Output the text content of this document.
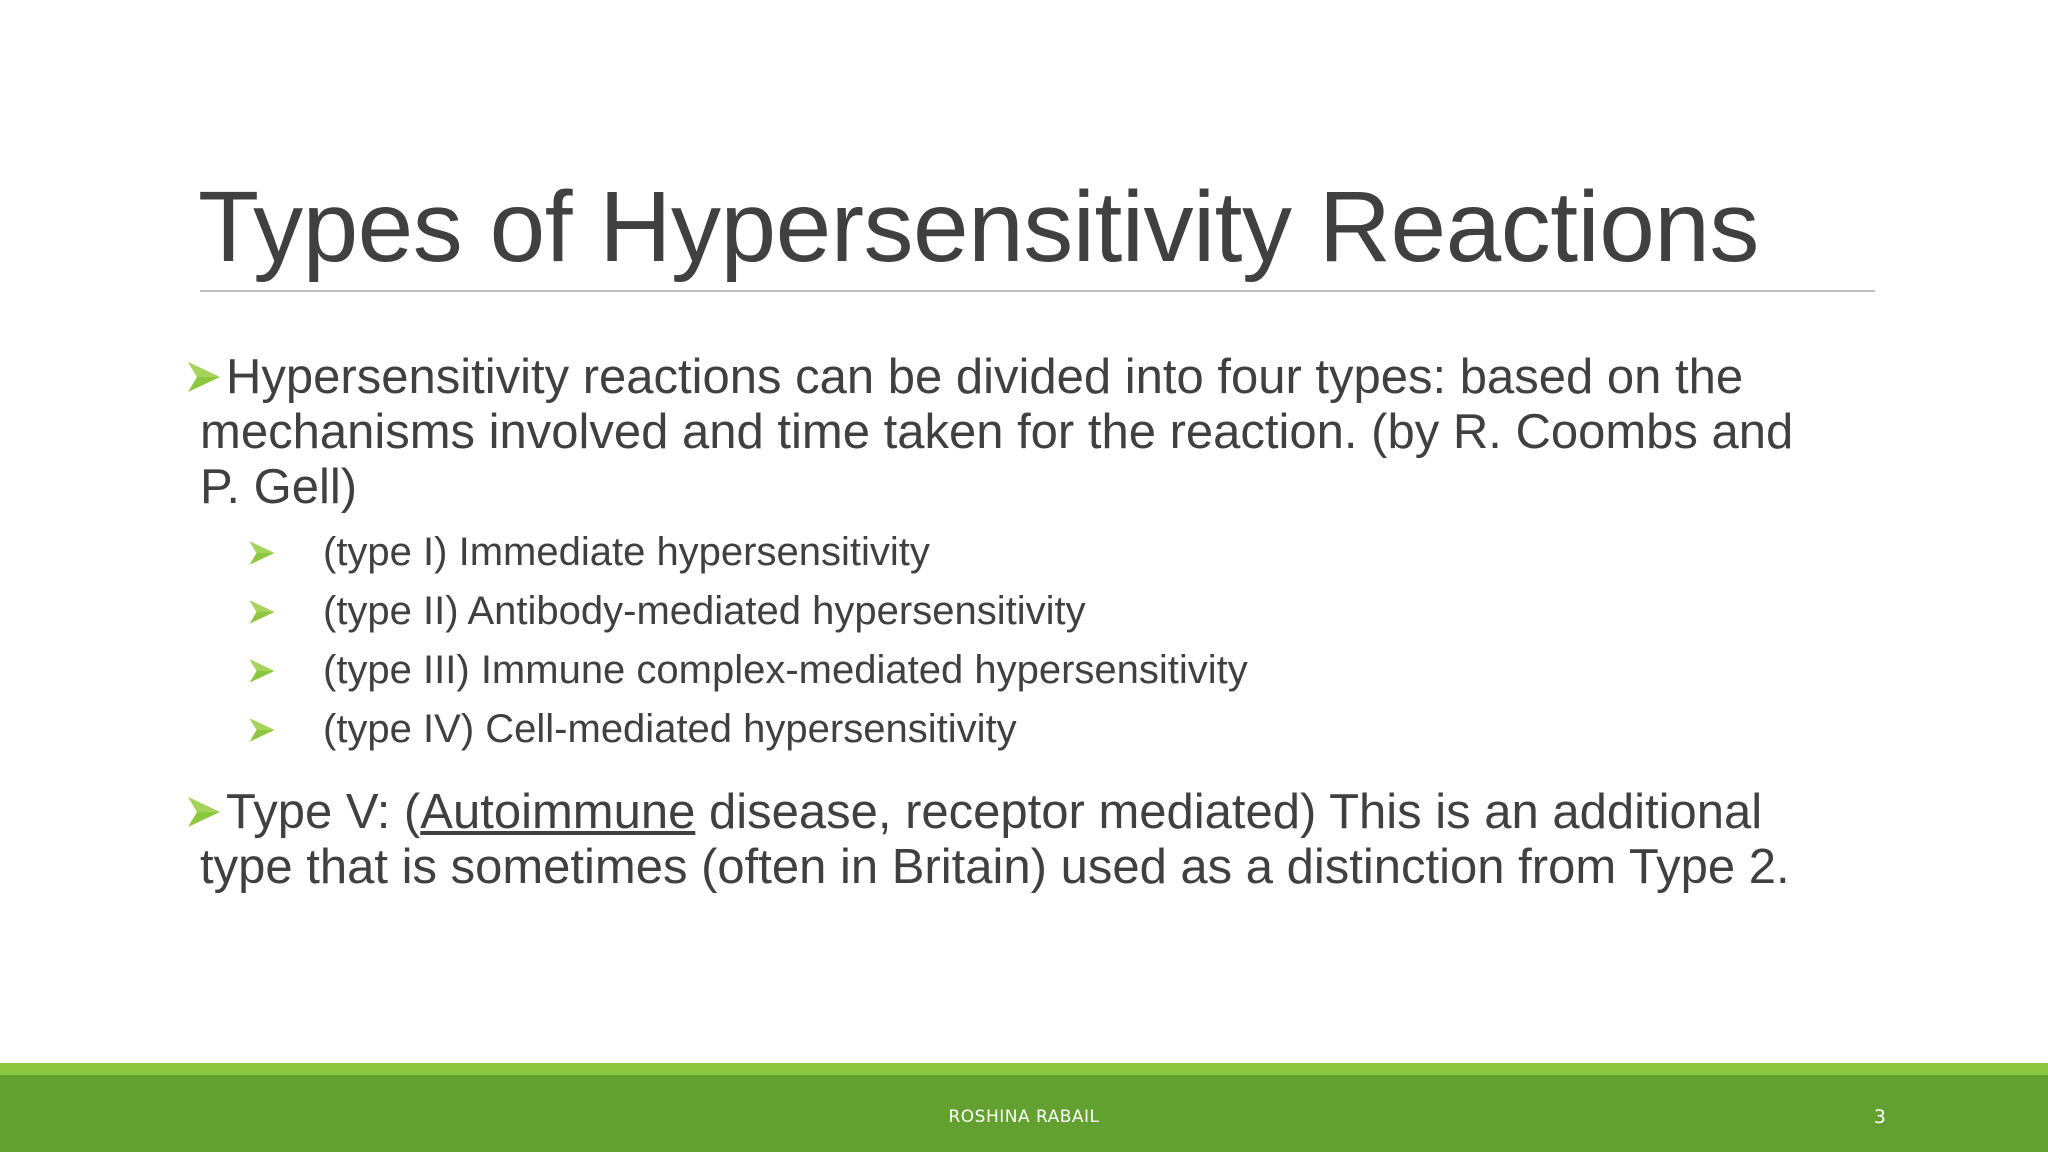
Types of Hypersensitivity Reactions
Hypersensitivity reactions can be divided into four types: based on the
mechanisms involved and time taken for the reaction. (by R. Coombs and
P. Gell)
(type I) Immediate hypersensitivity
(type II) Antibody-mediated hypersensitivity
(type III) Immune complex-mediated hypersensitivity
(type IV) Cell-mediated hypersensitivity
Type V: (Autoimmune disease, receptor mediated) This is an additional
type that is sometimes (often in Britain) used as a distinction from Type 2.
ROSHINA RABAIL	3
